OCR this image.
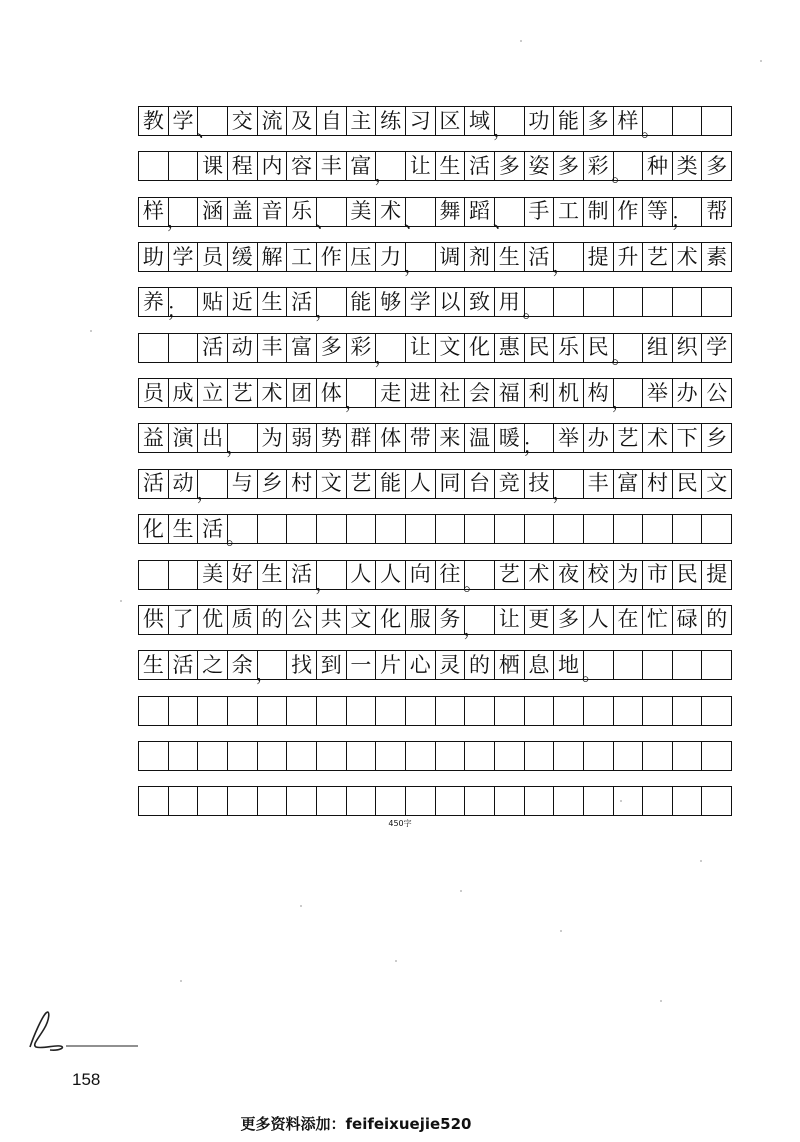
教 学 、 交 流 及 自 主 练 习 区 域 ， 功 能 多 样 。
课 程 内 容 丰 富 ， 让 生 活 多 姿 多 彩 。 种 类 多
样 ， 涵 盖 音 乐 、 美 术 、 舞 蹈 、 手 工 制 作 等 ； 帮
助 学 员 缓 解 工 作 压 力 ， 调 剂 生 活 ， 提 升 艺 术 素
养 ； 贴 近 生 活 ， 能 够 学 以 致 用 。
活 动 丰 富 多 彩 ， 让 文 化 惠 民 乐 民 。 组 织 学
员 成 立 艺 术 团 体 ， 走 进 社 会 福 利 机 构 ， 举 办 公
益 演 出 ， 为 弱 势 群 体 带 来 温 暖 ； 举 办 艺 术 下 乡
活 动 ， 与 乡 村 文 艺 能 人 同 台 竞 技 ， 丰 富 村 民 文
化 生 活 。
美 好 生 活 ， 人 人 向 往 。 艺 术 夜 校 为 市 民 提
供 了 优 质 的 公 共 文 化 服 务 ， 让 更 多 人 在 忙 碌 的
生 活 之 余 ， 找 到 一 片 心 灵 的 栖 息 地 。
450字
158
更多资料添加：feifeixuejie520
